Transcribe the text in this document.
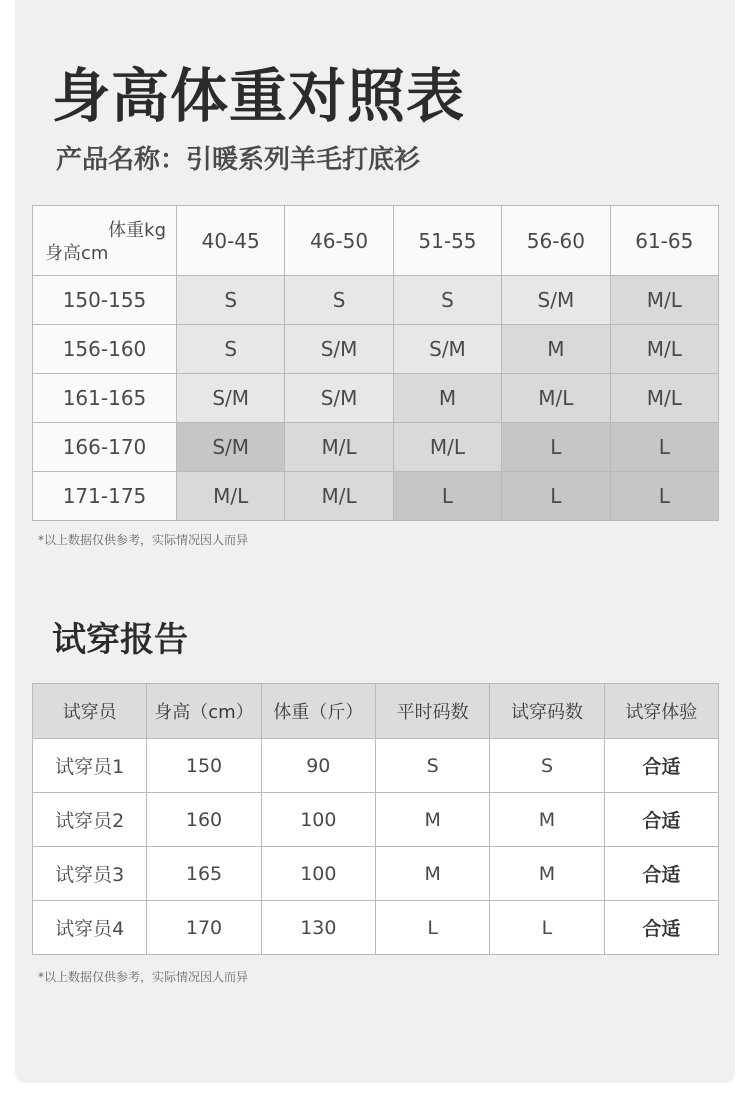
身高体重对照表
产品名称：引暖系列羊毛打底衫
体重kg
身高cm	40-45	46-50	51-55	56-60	61-65
150-155	S	S	S	S/M	M/L
156-160	S	S/M	S/M	M	M/L
161-165	S/M	S/M	M	M/L	M/L
166-170	S/M	M/L	M/L	L	L
171-175	M/L	M/L	L	L	L
*以上数据仅供参考，实际情况因人而异
试穿报告
试穿员	身高（cm）	体重（斤）	平时码数	试穿码数	试穿体验
试穿员1	150	90	S	S	合适
试穿员2	160	100	M	M	合适
试穿员3	165	100	M	M	合适
试穿员4	170	130	L	L	合适
*以上数据仅供参考，实际情况因人而异
